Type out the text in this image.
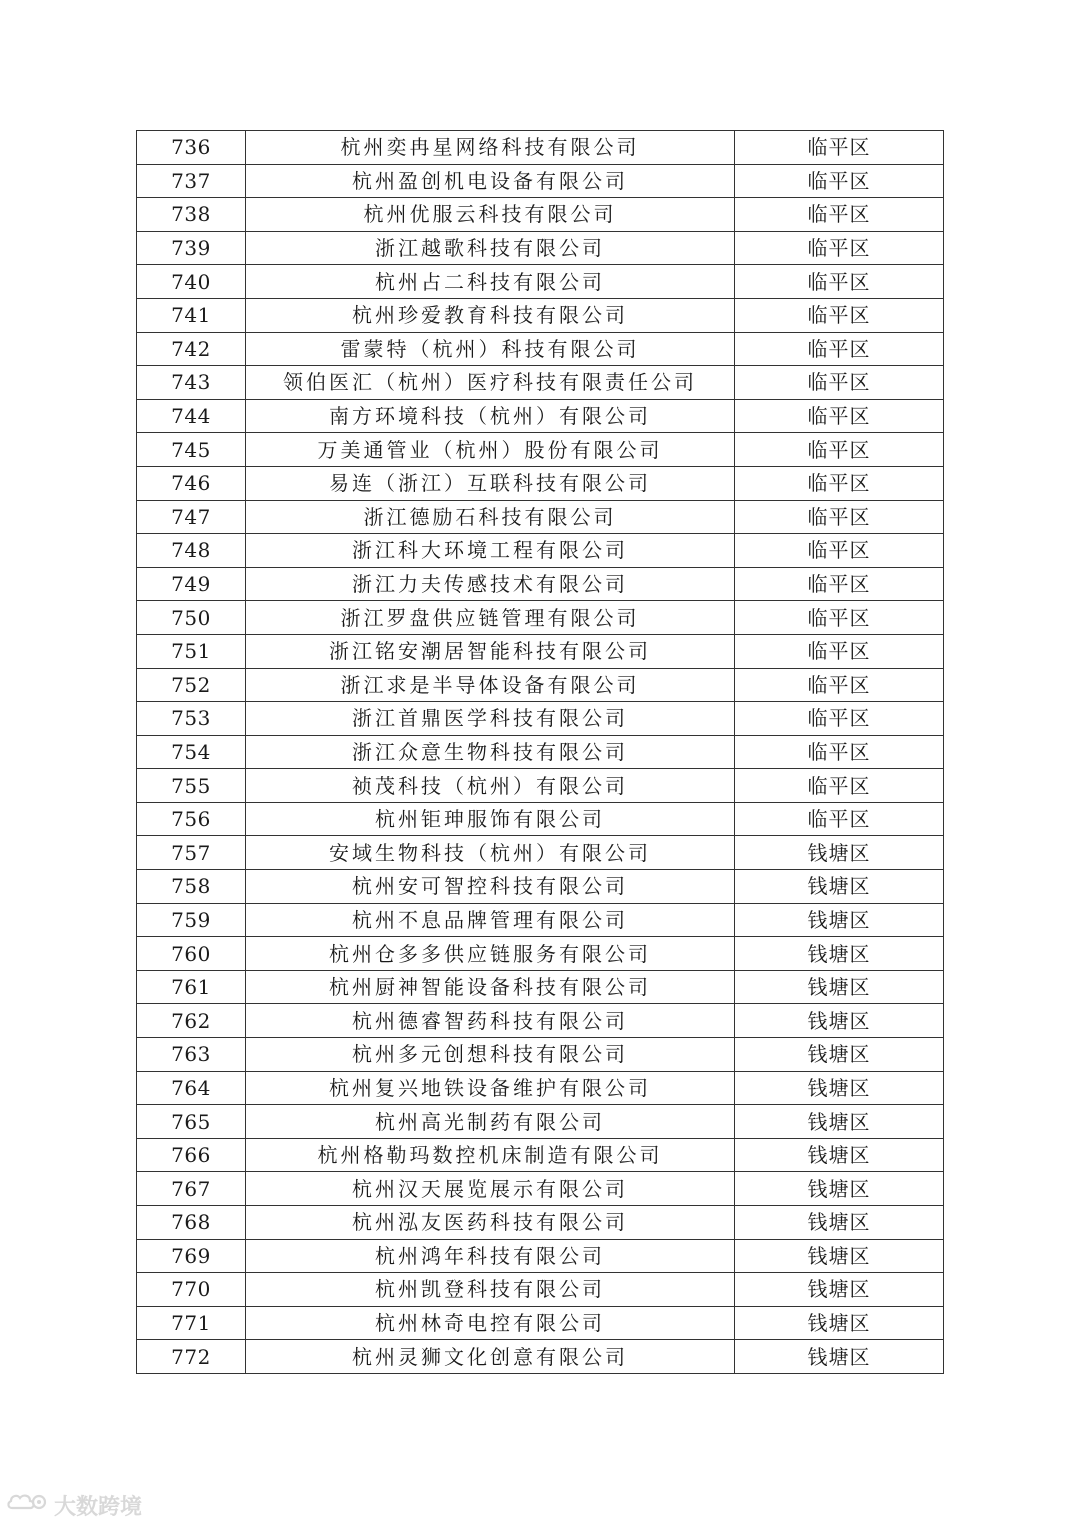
736	杭州奕冉星网络科技有限公司	临平区
737	杭州盈创机电设备有限公司	临平区
738	杭州优服云科技有限公司	临平区
739	浙江越歌科技有限公司	临平区
740	杭州占二科技有限公司	临平区
741	杭州珍爱教育科技有限公司	临平区
742	雷蒙特（杭州）科技有限公司	临平区
743	领伯医汇（杭州）医疗科技有限责任公司	临平区
744	南方环境科技（杭州）有限公司	临平区
745	万美通管业（杭州）股份有限公司	临平区
746	易连（浙江）互联科技有限公司	临平区
747	浙江德励石科技有限公司	临平区
748	浙江科大环境工程有限公司	临平区
749	浙江力夫传感技术有限公司	临平区
750	浙江罗盘供应链管理有限公司	临平区
751	浙江铭安潮居智能科技有限公司	临平区
752	浙江求是半导体设备有限公司	临平区
753	浙江首鼎医学科技有限公司	临平区
754	浙江众意生物科技有限公司	临平区
755	祯茂科技（杭州）有限公司	临平区
756	杭州钜珅服饰有限公司	临平区
757	安域生物科技（杭州）有限公司	钱塘区
758	杭州安可智控科技有限公司	钱塘区
759	杭州不息品牌管理有限公司	钱塘区
760	杭州仓多多供应链服务有限公司	钱塘区
761	杭州厨神智能设备科技有限公司	钱塘区
762	杭州德睿智药科技有限公司	钱塘区
763	杭州多元创想科技有限公司	钱塘区
764	杭州复兴地铁设备维护有限公司	钱塘区
765	杭州高光制药有限公司	钱塘区
766	杭州格勒玛数控机床制造有限公司	钱塘区
767	杭州汉天展览展示有限公司	钱塘区
768	杭州泓友医药科技有限公司	钱塘区
769	杭州鸿年科技有限公司	钱塘区
770	杭州凯登科技有限公司	钱塘区
771	杭州林奇电控有限公司	钱塘区
772	杭州灵狮文化创意有限公司	钱塘区
大数跨境
